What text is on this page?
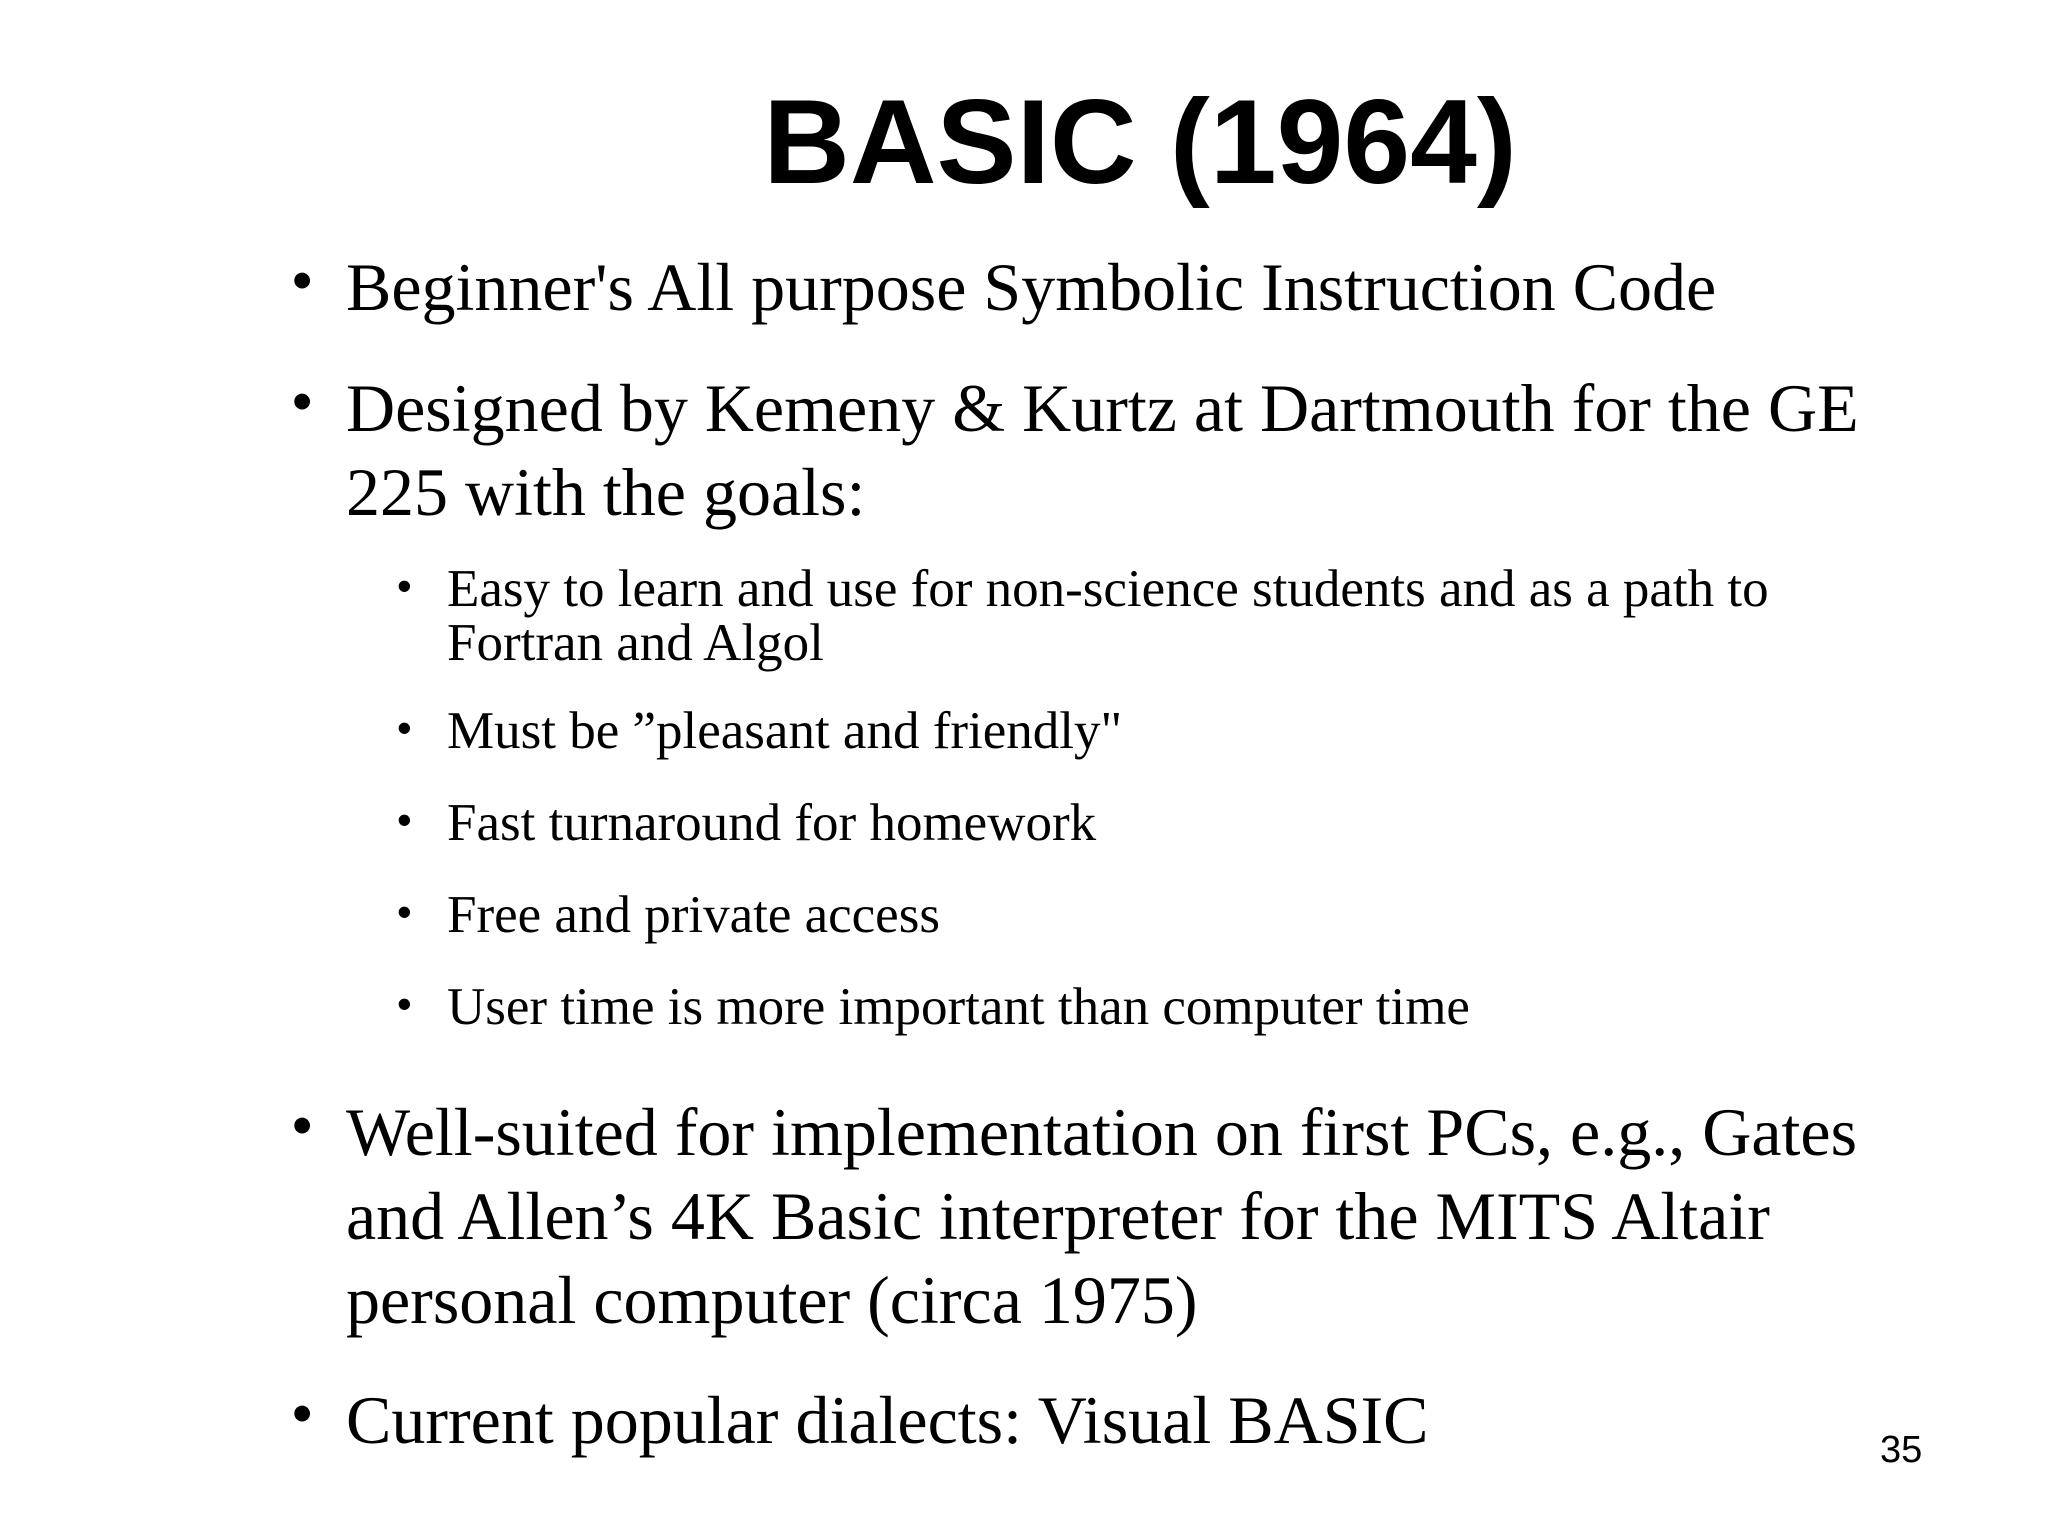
BASIC (1964)
• Beginner's All purpose Symbolic Instruction Code
• Designed by Kemeny & Kurtz at Dartmouth for the GE 225 with the goals:
• Easy to learn and use for non-science students and as a path to Fortran and Algol
• Must be ”pleasant and friendly"
• Fast turnaround for homework
• Free and private access
• User time is more important than computer time
• Well-suited for implementation on first PCs, e.g., Gates and Allen’s 4K Basic interpreter for the MITS Altair personal computer (circa 1975)
• Current popular dialects: Visual BASIC	35
